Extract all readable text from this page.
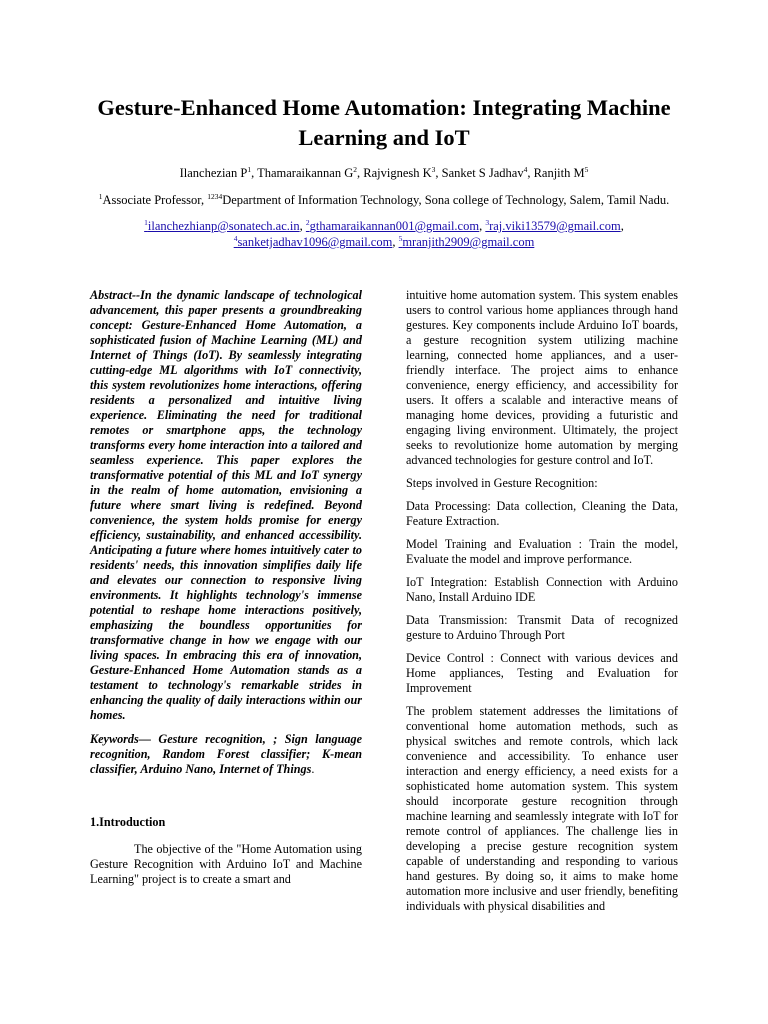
Gesture-Enhanced Home Automation: Integrating Machine Learning and IoT
Ilanchezian $P^1$, Thamaraikannan $G^2$, Rajvignesh $K^3$, Sanket S Jadhav$^4$, Ranjith $M^5$
$^1$Associate Professor, $^{1234}$Department of Information Technology, Sona college of Technology, Salem, Tamil Nadu.
$^1$ilanchezhianp@sonatech.ac.in, $^2$gthamaraikannan001@gmail.com, $^3$raj.viki13579@gmail.com,
$^4$sanketjadhav1096@gmail.com, $^5$mranjith2909@gmail.com

Abstract--In the dynamic landscape of technological advancement, this paper presents a groundbreaking concept: Gesture-Enhanced Home Automation, a sophisticated fusion of Machine Learning (ML) and Internet of Things (IoT). By seamlessly integrating cutting-edge ML algorithms with IoT connectivity, this system revolutionizes home interactions, offering residents a personalized and intuitive living experience. Eliminating the need for traditional remotes or smartphone apps, the technology transforms every home interaction into a tailored and seamless experience. This paper explores the transformative potential of this ML and IoT synergy in the realm of home automation, envisioning a future where smart living is redefined. Beyond convenience, the system holds promise for energy efficiency, sustainability, and enhanced accessibility. Anticipating a future where homes intuitively cater to residents' needs, this innovation simplifies daily life and elevates our connection to responsive living environments. It highlights technology's immense potential to reshape home interactions positively, emphasizing the boundless opportunities for transformative change in how we engage with our living spaces. In embracing this era of innovation, Gesture-Enhanced Home Automation stands as a testament to technology's remarkable strides in enhancing the quality of daily interactions within our homes.

Keywords— Gesture recognition, ; Sign language recognition, Random Forest classifier; K-mean classifier, Arduino Nano, Internet of Things.

1.Introduction

The objective of the "Home Automation using Gesture Recognition with Arduino IoT and Machine Learning" project is to create a smart and

intuitive home automation system. This system enables users to control various home appliances through hand gestures. Key components include Arduino IoT boards, a gesture recognition system utilizing machine learning, connected home appliances, and a user-friendly interface. The project aims to enhance convenience, energy efficiency, and accessibility for users. It offers a scalable and interactive means of managing home devices, providing a futuristic and engaging living environment. Ultimately, the project seeks to revolutionize home automation by merging advanced technologies for gesture control and IoT.

Steps involved in Gesture Recognition:

Data Processing: Data collection, Cleaning the Data, Feature Extraction.

Model Training and Evaluation : Train the model, Evaluate the model and improve performance.

IoT Integration: Establish Connection with Arduino Nano, Install Arduino IDE

Data Transmission: Transmit Data of recognized gesture to Arduino Through Port

Device Control : Connect with various devices and Home appliances, Testing and Evaluation for Improvement

The problem statement addresses the limitations of conventional home automation methods, such as physical switches and remote controls, which lack convenience and accessibility. To enhance user interaction and energy efficiency, a need exists for a sophisticated home automation system. This system should incorporate gesture recognition through machine learning and seamlessly integrate with IoT for remote control of appliances. The challenge lies in developing a precise gesture recognition system capable of understanding and responding to various hand gestures. By doing so, it aims to make home automation more inclusive and user friendly, benefiting individuals with physical disabilities and
